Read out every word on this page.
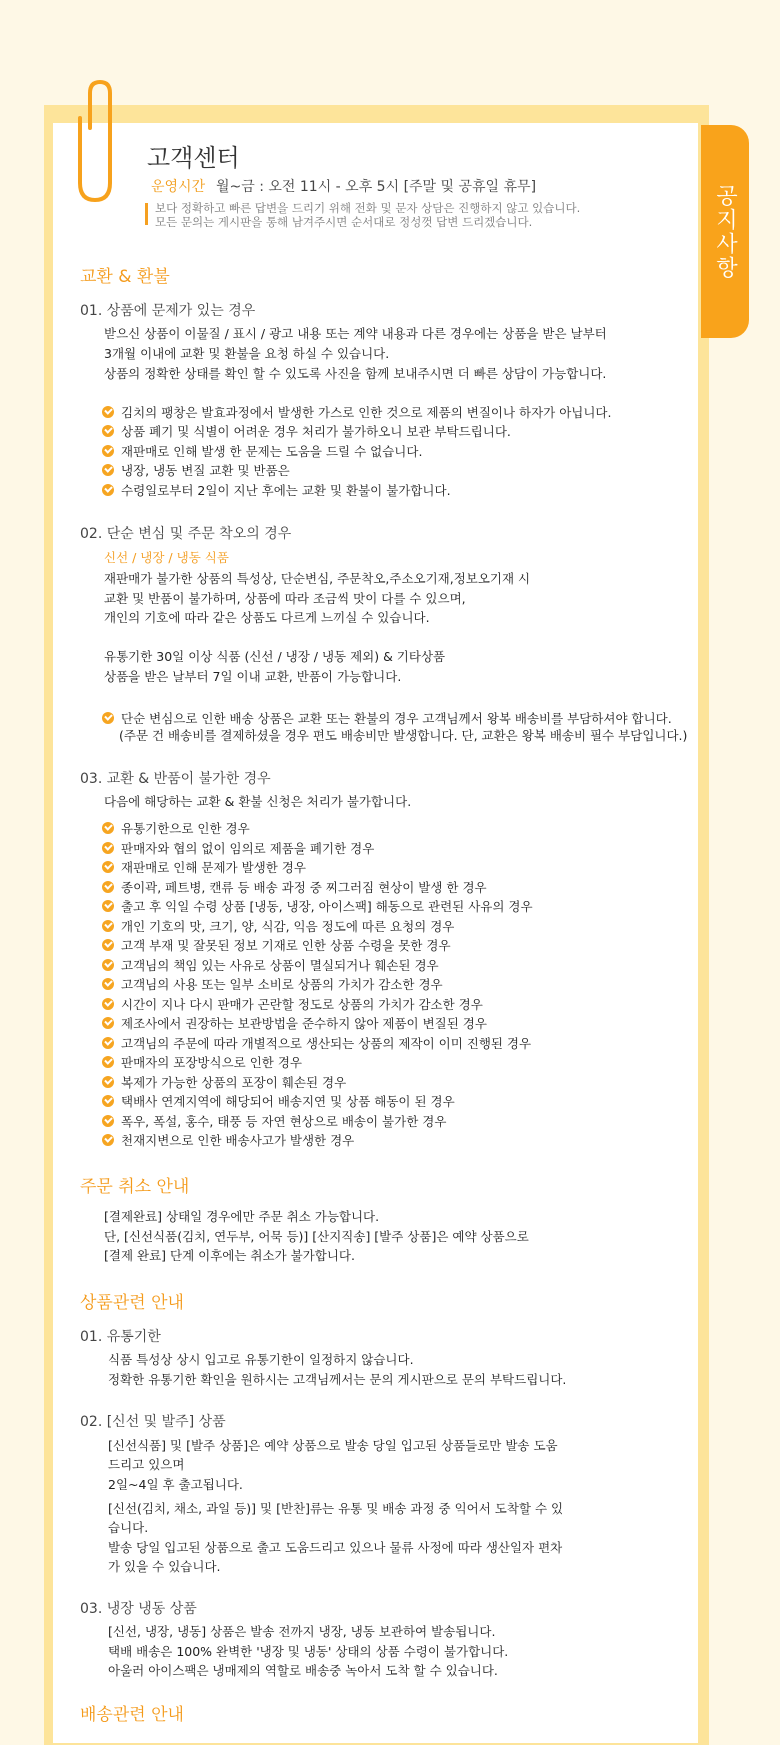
공지사항
고객센터
운영시간 월~금 : 오전 11시 - 오후 5시 [주말 및 공휴일 휴무]
보다 정확하고 빠른 답변을 드리기 위해 전화 및 문자 상담은 진행하지 않고 있습니다.
모든 문의는 게시판을 통해 남겨주시면 순서대로 정성껏 답변 드리겠습니다.
교환 & 환불
01. 상품에 문제가 있는 경우
받으신 상품이 이물질 / 표시 / 광고 내용 또는 계약 내용과 다른 경우에는 상품을 받은 날부터
3개월 이내에 교환 및 환불을 요청 하실 수 있습니다.
상품의 정확한 상태를 확인 할 수 있도록 사진을 함께 보내주시면 더 빠른 상담이 가능합니다.
김치의 팽창은 발효과정에서 발생한 가스로 인한 것으로 제품의 변질이나 하자가 아닙니다.
상품 폐기 및 식별이 어려운 경우 처리가 불가하오니 보관 부탁드립니다.
재판매로 인해 발생 한 문제는 도움을 드릴 수 없습니다.
냉장, 냉동 변질 교환 및 반품은
수령일로부터 2일이 지난 후에는 교환 및 환불이 불가합니다.
02. 단순 변심 및 주문 착오의 경우
신선 / 냉장 / 냉동 식품
재판매가 불가한 상품의 특성상, 단순변심, 주문착오,주소오기재,정보오기재 시
교환 및 반품이 불가하며, 상품에 따라 조금씩 맛이 다를 수 있으며,
개인의 기호에 따라 같은 상품도 다르게 느끼실 수 있습니다.
유통기한 30일 이상 식품 (신선 / 냉장 / 냉동 제외) & 기타상품
상품을 받은 날부터 7일 이내 교환, 반품이 가능합니다.
단순 변심으로 인한 배송 상품은 교환 또는 환불의 경우 고객님께서 왕복 배송비를 부담하셔야 합니다.
(주문 건 배송비를 결제하셨을 경우 편도 배송비만 발생합니다. 단, 교환은 왕복 배송비 필수 부담입니다.)
03. 교환 & 반품이 불가한 경우
다음에 해당하는 교환 & 환불 신청은 처리가 불가합니다.
유통기한으로 인한 경우
판매자와 협의 없이 임의로 제품을 폐기한 경우
재판매로 인해 문제가 발생한 경우
종이곽, 페트병, 캔류 등 배송 과정 중 찌그러짐 현상이 발생 한 경우
출고 후 익일 수령 상품 [냉동, 냉장, 아이스팩] 해동으로 관련된 사유의 경우
개인 기호의 맛, 크기, 양, 식감, 익음 정도에 따른 요청의 경우
고객 부재 및 잘못된 정보 기재로 인한 상품 수령을 못한 경우
고객님의 책임 있는 사유로 상품이 멸실되거나 훼손된 경우
고객님의 사용 또는 일부 소비로 상품의 가치가 감소한 경우
시간이 지나 다시 판매가 곤란할 정도로 상품의 가치가 감소한 경우
제조사에서 권장하는 보관방법을 준수하지 않아 제품이 변질된 경우
고객님의 주문에 따라 개별적으로 생산되는 상품의 제작이 이미 진행된 경우
판매자의 포장방식으로 인한 경우
복제가 가능한 상품의 포장이 훼손된 경우
택배사 연계지역에 해당되어 배송지연 및 상품 해동이 된 경우
폭우, 폭설, 홍수, 태풍 등 자연 현상으로 배송이 불가한 경우
천재지변으로 인한 배송사고가 발생한 경우
주문 취소 안내
[결제완료] 상태일 경우에만 주문 취소 가능합니다.
단, [신선식품(김치, 연두부, 어묵 등)] [산지직송] [발주 상품]은 예약 상품으로
[결제 완료] 단계 이후에는 취소가 불가합니다.
상품관련 안내
01. 유통기한
식품 특성상 상시 입고로 유통기한이 일정하지 않습니다.
정확한 유통기한 확인을 원하시는 고객님께서는 문의 게시판으로 문의 부탁드립니다.
02. [신선 및 발주] 상품
[신선식품] 및 [발주 상품]은 예약 상품으로 발송 당일 입고된 상품들로만 발송 도움
드리고 있으며
2일~4일 후 출고됩니다.
[신선(김치, 채소, 과일 등)] 및 [반찬]류는 유통 및 배송 과정 중 익어서 도착할 수 있
습니다.
발송 당일 입고된 상품으로 출고 도움드리고 있으나 물류 사정에 따라 생산일자 편차
가 있을 수 있습니다.
03. 냉장 냉동 상품
[신선, 냉장, 냉동] 상품은 발송 전까지 냉장, 냉동 보관하여 발송됩니다.
택배 배송은 100% 완벽한 '냉장 및 냉동' 상태의 상품 수령이 불가합니다.
아울러 아이스팩은 냉매제의 역할로 배송중 녹아서 도착 할 수 있습니다.
배송관련 안내
